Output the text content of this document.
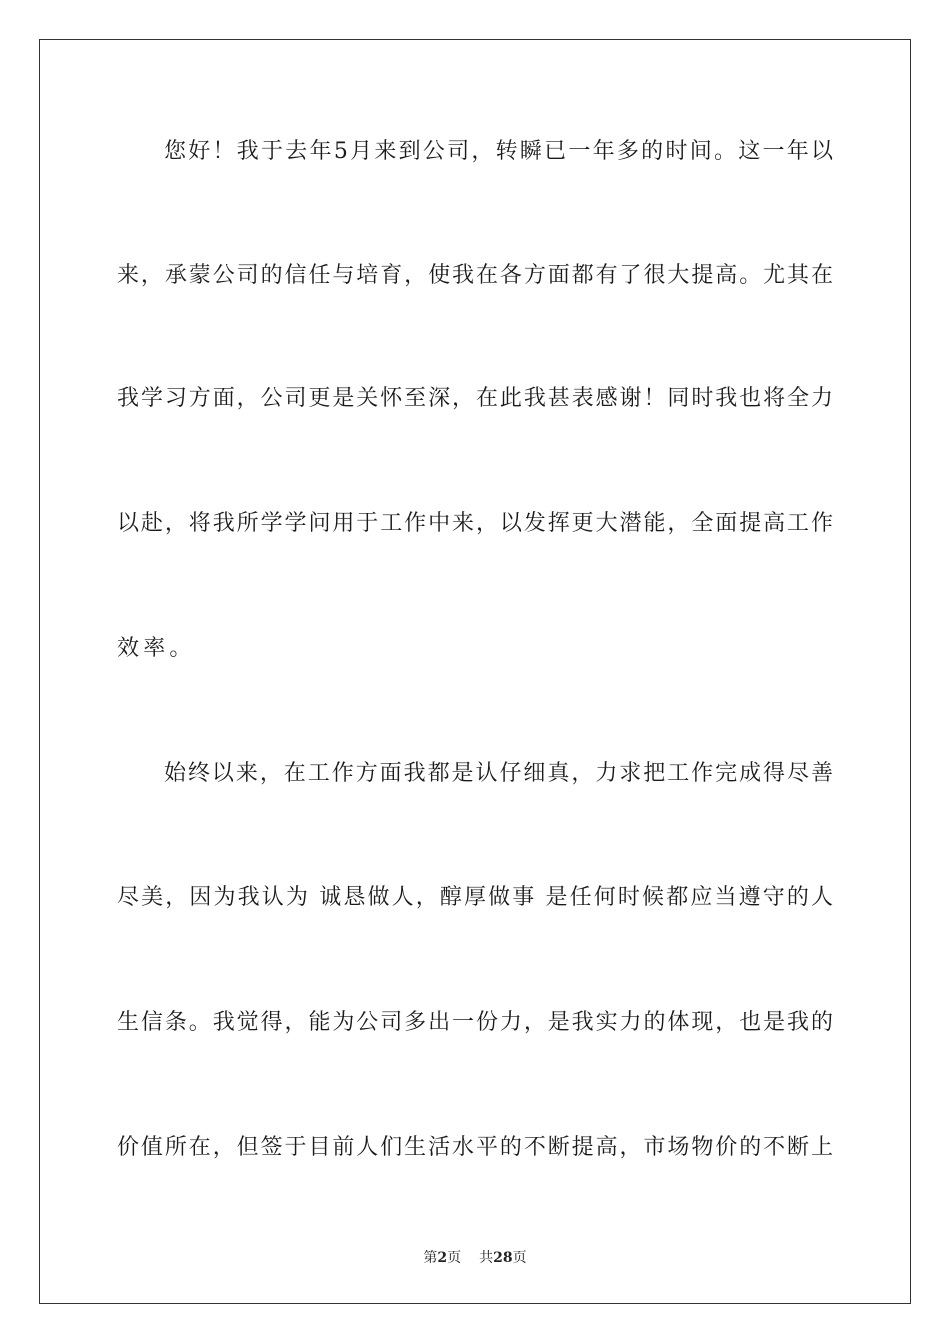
您好！我于去年5月来到公司，转瞬已一年多的时间。这一年以
来，承蒙公司的信任与培育，使我在各方面都有了很大提高。尤其在
我学习方面，公司更是关怀至深，在此我甚表感谢！同时我也将全力
以赴，将我所学学问用于工作中来，以发挥更大潜能，全面提高工作
效率。
始终以来，在工作方面我都是认仔细真，力求把工作完成得尽善
尽美，因为我认为 诚恳做人，醇厚做事 是任何时候都应当遵守的人
生信条。我觉得，能为公司多出一份力，是我实力的体现，也是我的
价值所在，但签于目前人们生活水平的不断提高，市场物价的不断上
第2页 共28页
